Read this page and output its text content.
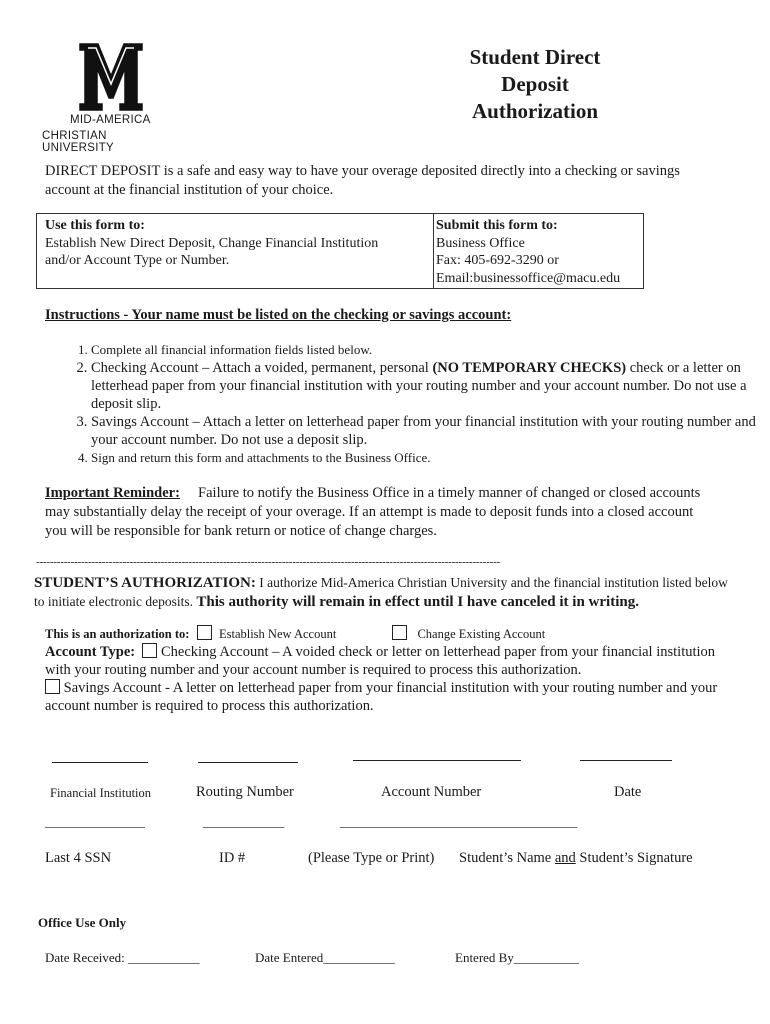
MID-AMERICA
CHRISTIAN UNIVERSITY
Student Direct
Deposit
Authorization
DIRECT DEPOSIT is a safe and easy way to have your overage deposited directly into a checking or savings account at the financial institution of your choice.
Use this form to:
Establish New Direct Deposit, Change Financial Institution
and/or Account Type or Number.
Submit this form to:
Business Office
Fax: 405-692-3290 or
Email:businessoffice@macu.edu
Instructions - Your name must be listed on the checking or savings account:
1. Complete all financial information fields listed below.
2. Checking Account – Attach a voided, permanent, personal (NO TEMPORARY CHECKS) check or a letter on letterhead paper from your financial institution with your routing number and your account number. Do not use a deposit slip.
3. Savings Account – Attach a letter on letterhead paper from your financial institution with your routing number and your account number. Do not use a deposit slip.
4. Sign and return this form and attachments to the Business Office.
Important Reminder: Failure to notify the Business Office in a timely manner of changed or closed accounts may substantially delay the receipt of your overage. If an attempt is made to deposit funds into a closed account you will be responsible for bank return or notice of change charges.
--------------------------------------------------------------------------------------------------------------------------------------
STUDENT’S AUTHORIZATION: I authorize Mid-America Christian University and the financial institution listed below to initiate electronic deposits. This authority will remain in effect until I have canceled it in writing.
This is an authorization to: Establish New Account	Change Existing Account
Account Type: Checking Account – A voided check or letter on letterhead paper from your financial institution with your routing number and your account number is required to process this authorization.
Savings Account - A letter on letterhead paper from your financial institution with your routing number and your account number is required to process this authorization.
Financial Institution	Routing Number	Account Number	Date
________________	_____________	______________________________________
Last 4 SSN	ID #	(Please Type or Print) Student’s Name and Student’s Signature
Office Use Only
Date Received: ___________	Date Entered___________	Entered By__________
